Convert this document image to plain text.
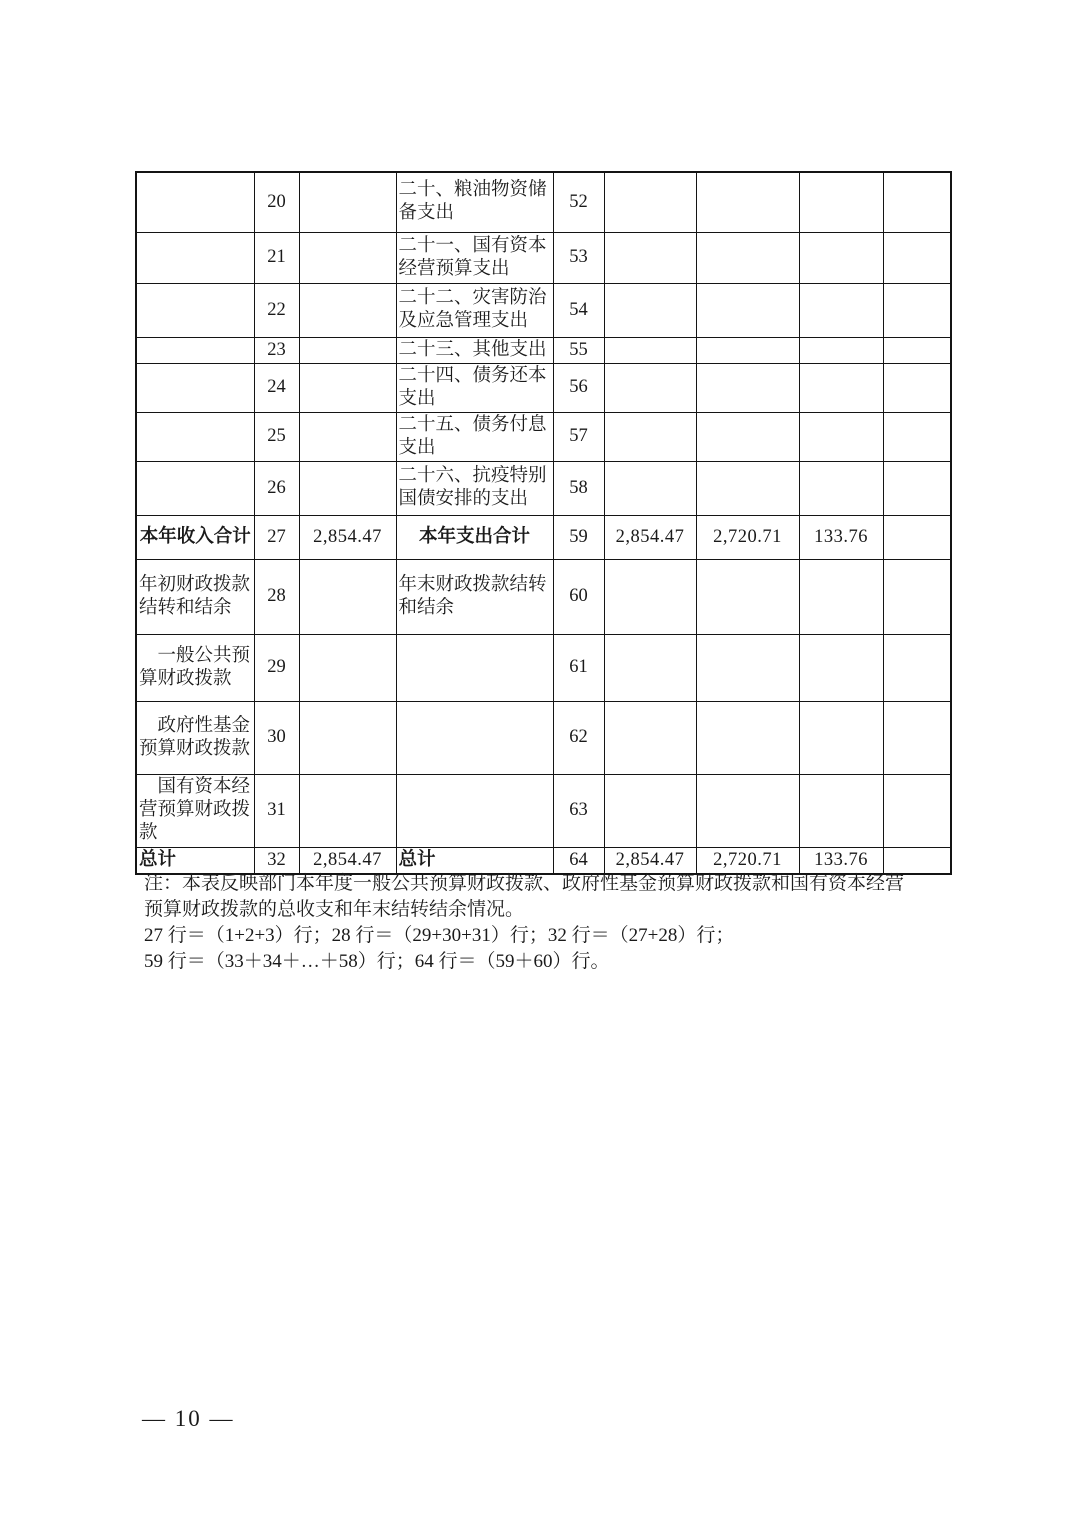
	20		二十、粮油物资储备支出	52				
	21		二十一、国有资本经营预算支出	53				
	22		二十二、灾害防治及应急管理支出	54				
	23		二十三、其他支出	55				
	24		二十四、债务还本支出	56				
	25		二十五、债务付息支出	57				
	26		二十六、抗疫特别国债安排的支出	58				
本年收入合计	27	2,854.47	本年支出合计	59	2,854.47	2,720.71	133.76	
年初财政拨款结转和结余	28		年末财政拨款结转和结余	60				
一般公共预算财政拨款	29			61				
政府性基金预算财政拨款	30			62				
国有资本经营预算财政拨款	31			63				
总计	32	2,854.47	总计	64	2,854.47	2,720.71	133.76	

注：本表反映部门本年度一般公共预算财政拨款、政府性基金预算财政拨款和国有资本经营预算财政拨款的总收支和年末结转结余情况。

27 行＝（1+2+3）行；28 行＝（29+30+31）行；32 行＝（27+28）行；

59 行＝（33＋34＋…＋58）行；64 行＝（59＋60）行。

— 10 —
